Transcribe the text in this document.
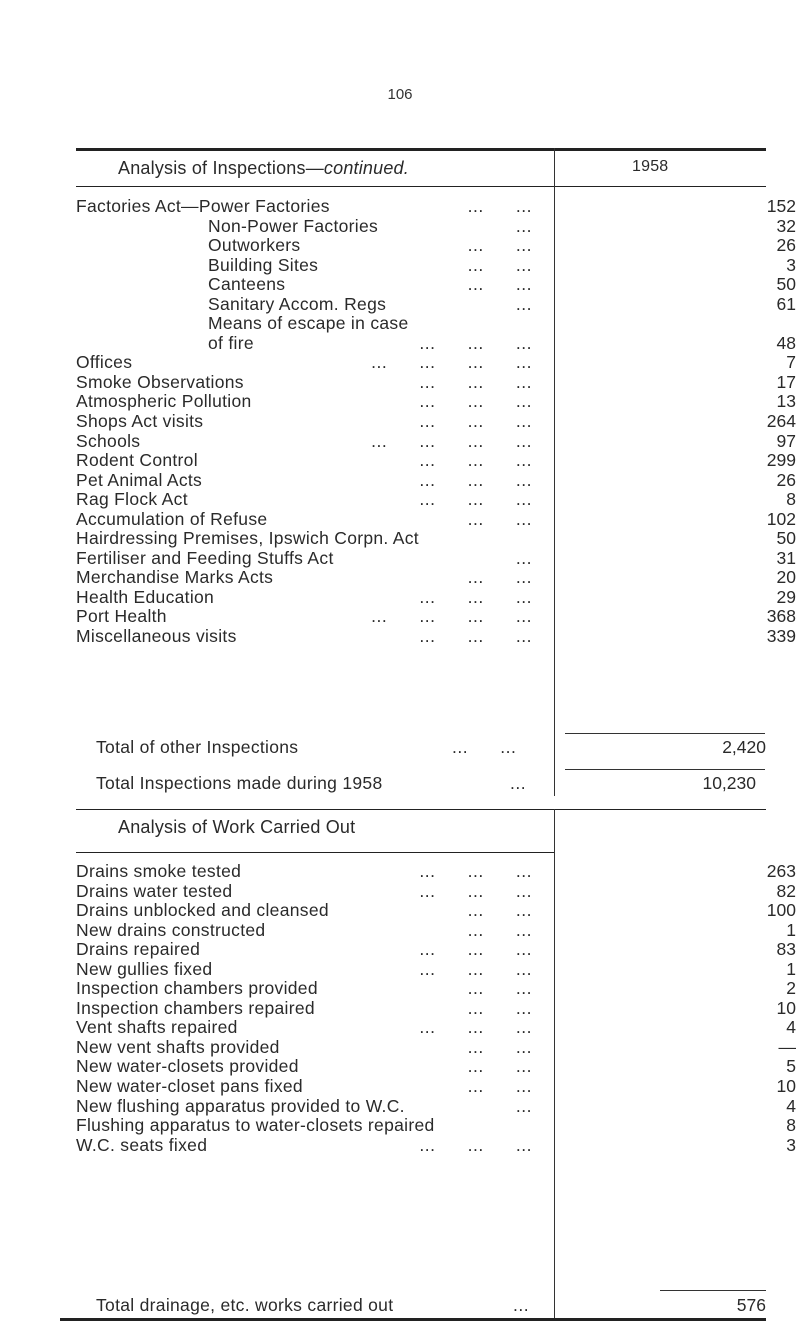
106
Analysis of Inspections—continued.	1958
Factories Act—Power Factories	...      ...	152
Non-Power Factories	...	32
Outworkers	...      ...	26
Building Sites	...      ...	3
Canteens	...      ...	50
Sanitary Accom. Regs	...	61
Means of escape in case
of fire	...      ...      ...	48
Offices	...      ...      ...      ...	7
Smoke Observations	...      ...      ...	17
Atmospheric Pollution	...      ...      ...	13
Shops Act visits	...      ...      ...	264
Schools	...      ...      ...      ...	97
Rodent Control	...      ...      ...	299
Pet Animal Acts	...      ...      ...	26
Rag Flock Act	...      ...      ...	8
Accumulation of Refuse	...      ...	102
Hairdressing Premises, Ipswich Corpn. Act	50
Fertiliser and Feeding Stuffs Act	...	31
Merchandise Marks Acts	...      ...	20
Health Education	...      ...      ...	29
Port Health	...      ...      ...      ...	368
Miscellaneous visits	...      ...      ...	339
Total of other Inspections	...      ...	2,420
Total Inspections made during 1958	...	10,230
Analysis of Work Carried Out
Drains smoke tested	...      ...      ...	263
Drains water tested	...      ...      ...	82
Drains unblocked and cleansed	...      ...	100
New drains constructed	...      ...	1
Drains repaired	...      ...      ...	83
New gullies fixed	...      ...      ...	1
Inspection chambers provided	...      ...	2
Inspection chambers repaired	...      ...	10
Vent shafts repaired	...      ...      ...	4
New vent shafts provided	...      ...	—
New water-closets provided	...      ...	5
New water-closet pans fixed	...      ...	10
New flushing apparatus provided to W.C.	...	4
Flushing apparatus to water-closets repaired	8
W.C. seats fixed	...      ...      ...	3
Total drainage, etc. works carried out	...	576
